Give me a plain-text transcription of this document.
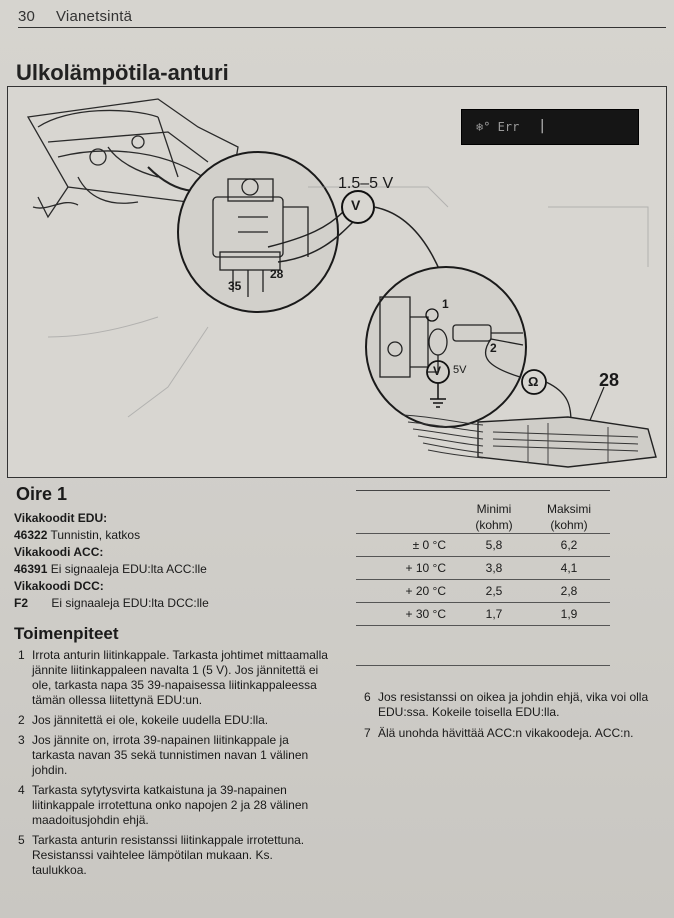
30 Vianetsintä
Ulkolämpötila-anturi
❄° Err |
1.5–5 V
V
35
28
1
2
V 5V
Ω	28
Oire 1
Vikakoodit EDU:
46322 Tunnistin, katkos
Vikakoodi ACC:
46391 Ei signaaleja EDU:lta ACC:lle
Vikakoodi DCC:
F2 Ei signaaleja EDU:lta DCC:lle
Toimenpiteet
1 Irrota anturin liitinkappale. Tarkasta johtimet mittaamalla jännite liitinkappaleen navalta 1 (5 V). Jos jännitettä ei ole, tarkasta napa 35 39-napaisessa liitinkappaleessa tämän ollessa liitettynä EDU:un.
2 Jos jännitettä ei ole, kokeile uudella EDU:lla.
3 Jos jännite on, irrota 39-napainen liitinkappale ja tarkasta navan 35 sekä tunnistimen navan 1 välinen johdin.
4 Tarkasta sytytysvirta katkaistuna ja 39-napainen liitinkappale irrotettuna onko napojen 2 ja 28 välinen maadoitusjohdin ehjä.
5 Tarkasta anturin resistanssi liitinkappale irrotettuna. Resistanssi vaihtelee lämpötilan mukaan. Ks. taulukkoa.
Minimi
(kohm)
Maksimi
(kohm)
± 0 °C	5,8	6,2
+ 10 °C	3,8	4,1
+ 20 °C	2,5	2,8
+ 30 °C	1,7	1,9
6 Jos resistanssi on oikea ja johdin ehjä, vika voi olla EDU:ssa. Kokeile toisella EDU:lla.
7 Älä unohda hävittää ACC:n vikakoodeja. ACC:n.
